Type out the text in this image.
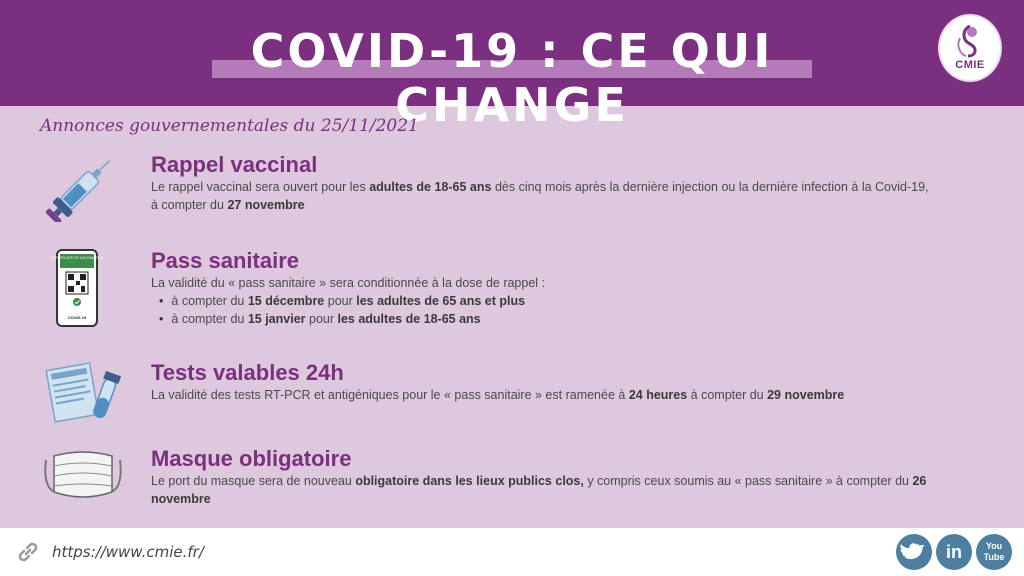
COVID-19 : CE QUI CHANGE
CMIE
Annonces gouvernementales du 25/11/2021
Rappel vaccinal
Le rappel vaccinal sera ouvert pour les adultes de 18-65 ans dès cinq mois après la dernière injection ou la dernière infection à la Covid-19, à compter du 27 novembre
CERTIFICATE OF VACCINATION
COVID-19
Pass sanitaire
La validité du « pass sanitaire » sera conditionnée à la dose de rappel :
• à compter du 15 décembre pour les adultes de 65 ans et plus
• à compter du 15 janvier pour les adultes de 18-65 ans
Tests valables 24h
La validité des tests RT-PCR et antigéniques pour le « pass sanitaire » est ramenée à 24 heures à compter du 29 novembre
Masque obligatoire
Le port du masque sera de nouveau obligatoire dans les lieux publics clos, y compris ceux soumis au « pass sanitaire » à compter du 26 novembre
https://www.cmie.fr/	in	You Tube
